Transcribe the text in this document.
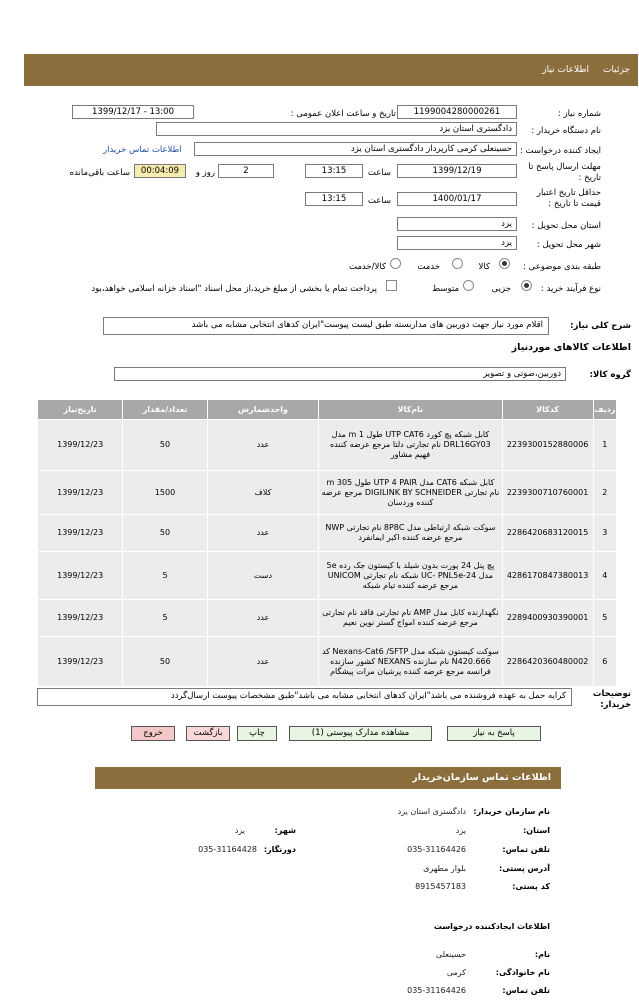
جزئیات
اطلاعات نیاز
شماره نیاز :
1199004280000261
تاریخ و ساعت اعلان عمومی :
1399/12/17 - 13:00
نام دستگاه خریدار :
دادگستری استان یزد
ایجاد کننده درخواست :
حسینعلی کرمی کارپرداز دادگستری استان یزد
اطلاعات تماس خریدار
مهلت ارسال پاسخ تا تاریخ :
1399/12/19
ساعت
13:15
2
روز و
00:04:09
ساعت باقی‌مانده
حداقل تاریخ اعتبار قیمت تا تاریخ :
1400/01/17
ساعت
13:15
استان محل تحویل :
یزد
شهر محل تحویل :
یزد
طبقه بندی موضوعی :
کالا
خدمت
کالا/خدمت
نوع فرآیند خرید :
جزیی
متوسط
پرداخت تمام یا بخشی از مبلغ خرید،از محل اسناد "اسناد خزانه اسلامی خواهد،بود
شرح کلی نیاز:
اقلام مورد نیاز جهت دوربین های مداربسته طبق لیست پیوست"ایران کدهای انتخابی مشابه می باشد
اطلاعات کالاهای موردنیاز
گروه کالا:
دوربین،صوتی و تصویر
ردیف	کدکالا	نام‌کالا	واحدشمارش	تعداد/مقدار	تاریخ‌نیاز
1	2239300152880006	کابل شبکه پچ کورد UTP CAT6 طول 1 m مدل DRL16GY03 نام تجارتی دلتا مرجع عرضه کننده فهیم مشاور	عدد	50	1399/12/23
2	2239300710760001	کابل شبکه CAT6 مدل UTP 4 PAIR طول 305 m نام تجارتی DIGILINK BY SCHNEIDER مرجع عرضه کننده وردسان	کلاف	1500	1399/12/23
3	2286420683120015	سوکت شبکه ارتباطی مدل 8P8C نام تجارتی NWP مرجع عرضه کننده اکبر ایمانفرد	عدد	50	1399/12/23
4	4286170847380013	پچ پنل 24 پورت بدون شیلد با کیستون جک رده 5e مدل UC- PNL5e-24 شبکه نام تجارتی UNICOM مرجع عرضه کننده تیام شبکه	دست	5	1399/12/23
5	2289400930390001	نگهدارنده کابل مدل AMP نام تجارتی فاقد نام تجارتی مرجع عرضه کننده امواج گستر نوین نعیم	عدد	5	1399/12/23
6	2286420360480002	سوکت کیستون شبکه مدل Nexans-Cat6 /SFTP کد N420.666 نام سازنده NEXANS کشور سازنده فرانسه مرجع عرضه کننده پرشیان مرات پیشگام	عدد	50	1399/12/23
توضیحات خریدار:
کرایه حمل به عهده فروشنده می باشد"ایران کدهای انتخابی مشابه می باشد"طبق مشخصات پیوست ارسال‌گردد
پاسخ به نیاز
مشاهده مدارک پیوستی (1)
چاپ
بازگشت
خروج
اطلاعات تماس سازمان‌خریدار
نام سازمان خریدار:
دادگستری استان یزد
استان:
یزد
شهر:
یزد
تلفن تماس:
035-31164426
دورنگار:
035-31164428
آدرس پستی:
بلوار مطهری
کد پستی:
8915457183
اطلاعات ایجادکننده درخواست
نام:
حسینعلی
نام خانوادگی:
کرمی
تلفن تماس:
035-31164426
